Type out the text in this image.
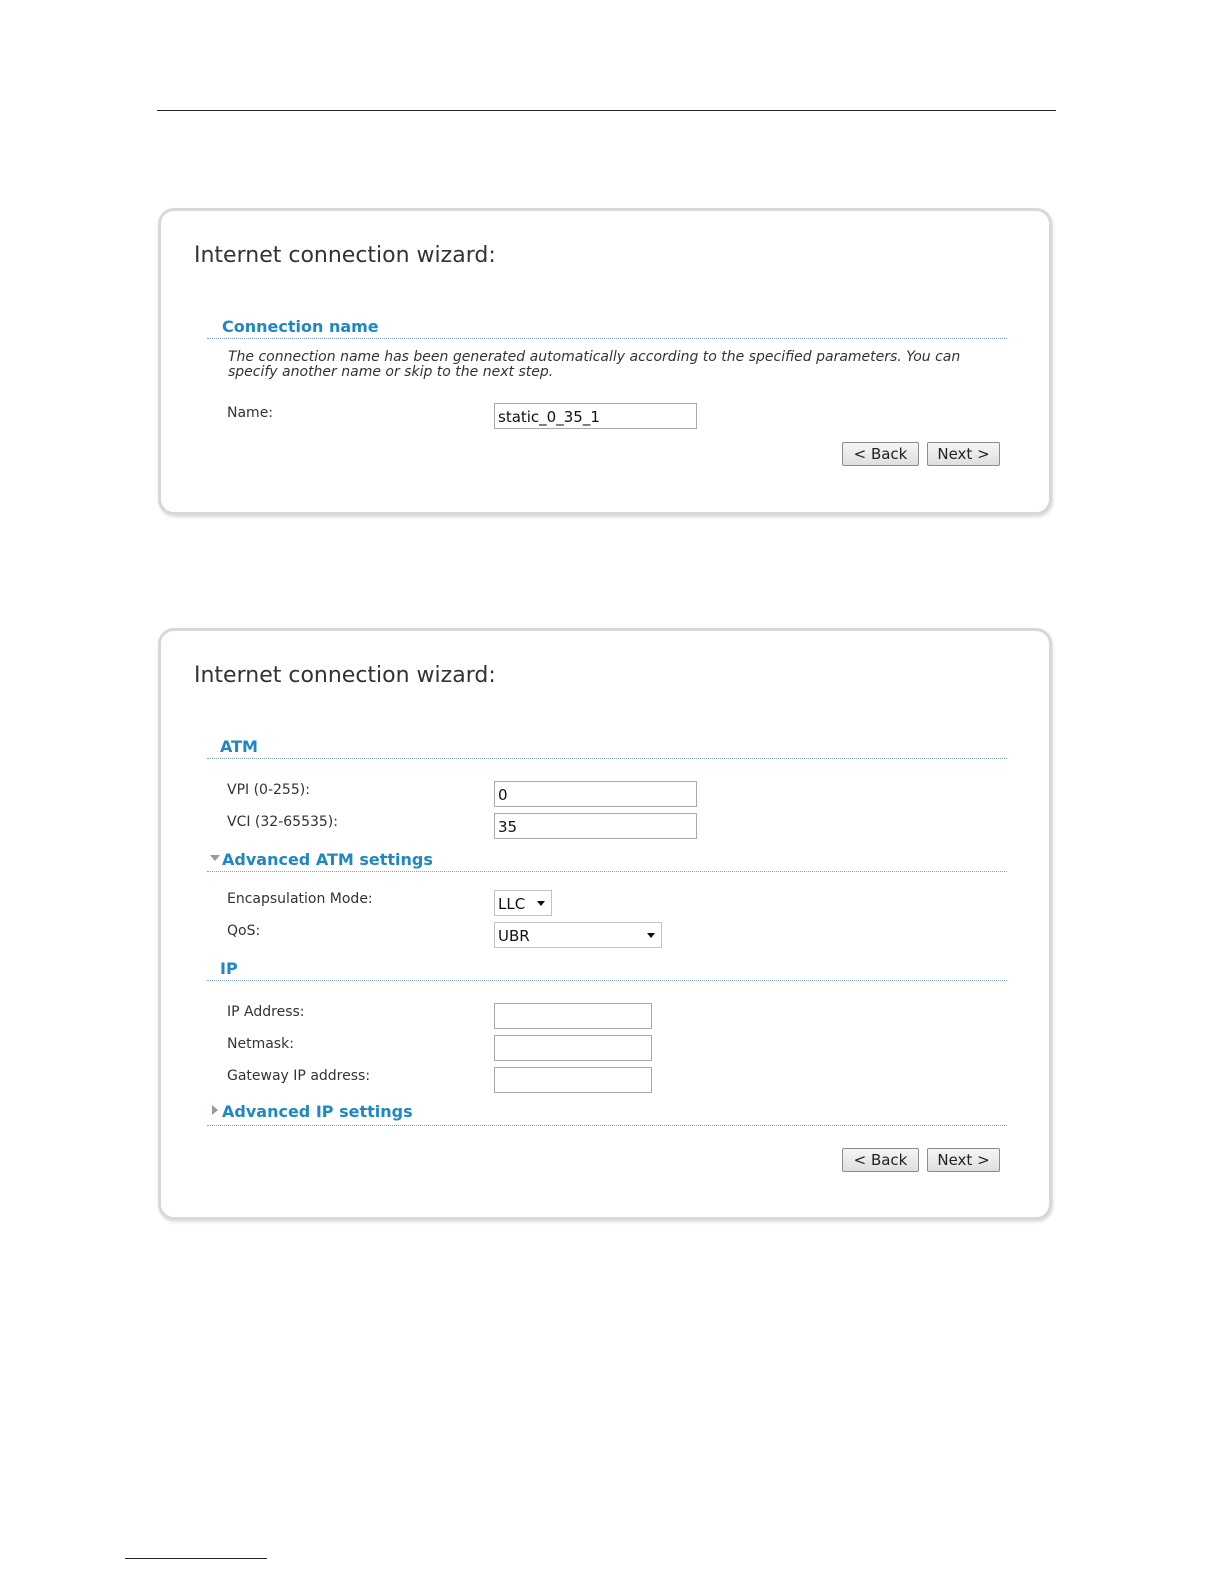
Internet connection wizard:
Connection name
The connection name has been generated automatically according to the specified parameters. You can specify another name or skip to the next step.
Name:	static_0_35_1
< Back	Next >
Internet connection wizard:
ATM
VPI (0-255):	0
VCI (32-65535):	35
Advanced ATM settings
Encapsulation Mode:	LLC
QoS:	UBR
IP
IP Address:
Netmask:
Gateway IP address:
Advanced IP settings
< Back	Next >
